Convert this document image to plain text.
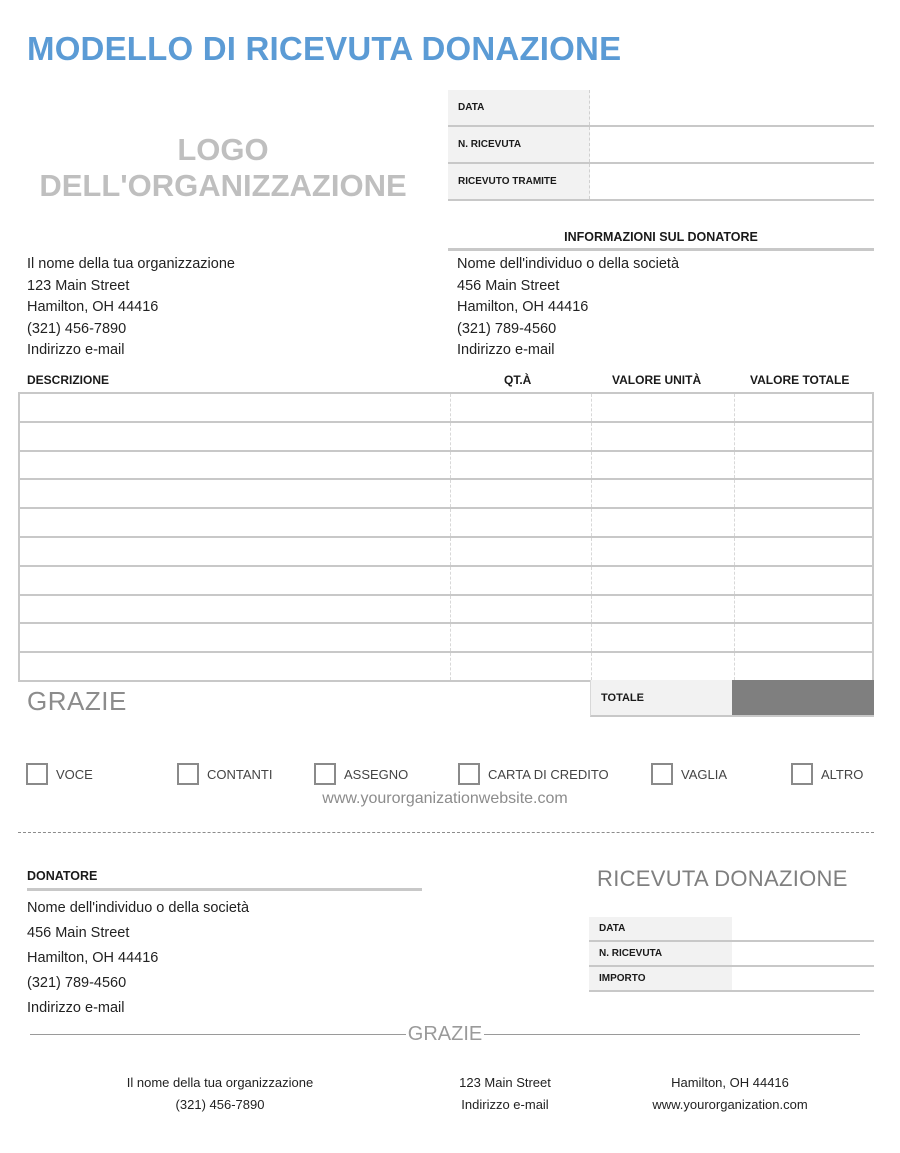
MODELLO DI RICEVUTA DONAZIONE
LOGO
DELL'ORGANIZZAZIONE
DATA
N. RICEVUTA
RICEVUTO TRAMITE
Il nome della tua organizzazione
123 Main Street
Hamilton, OH 44416
(321) 456-7890
Indirizzo e-mail
INFORMAZIONI SUL DONATORE
Nome dell'individuo o della società
456 Main Street
Hamilton, OH 44416
(321) 789-4560
Indirizzo e-mail
DESCRIZIONE	QT.À	VALORE UNITÀ	VALORE TOTALE
GRAZIE	TOTALE
VOCE	CONTANTI	ASSEGNO	CARTA DI CREDITO	VAGLIA	ALTRO
www.yourorganizationwebsite.com
DONATORE
Nome dell'individuo o della società
456 Main Street
Hamilton, OH 44416
(321) 789-4560
Indirizzo e-mail
RICEVUTA DONAZIONE
DATA
N. RICEVUTA
IMPORTO
GRAZIE
Il nome della tua organizzazione
(321) 456-7890
123 Main Street
Indirizzo e-mail
Hamilton, OH 44416
www.yourorganization.com
